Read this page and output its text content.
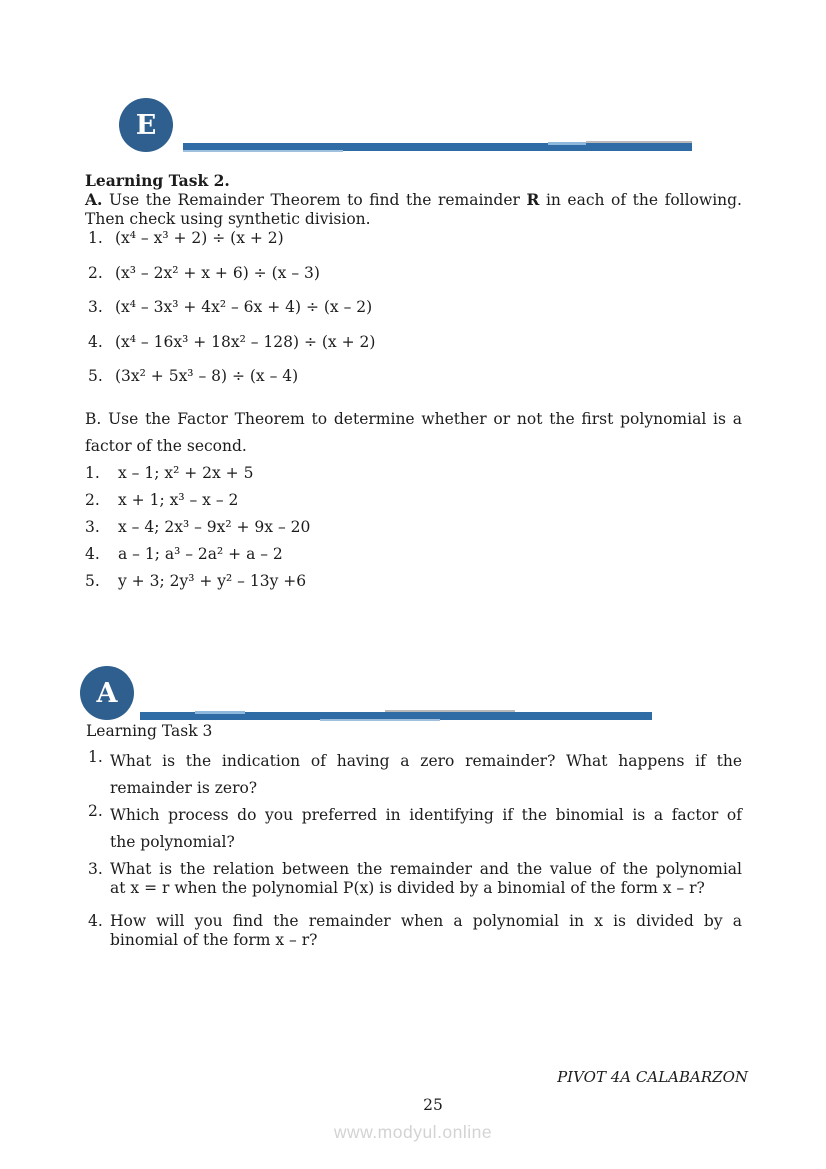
E
Learning Task 2.
A. Use the Remainder Theorem to find the remainder R in each of the following.
Then check using synthetic division.
1. (x⁴ – x³ + 2) ÷ (x + 2)
2. (x³ – 2x² + x + 6) ÷ (x – 3)
3. (x⁴ – 3x³ + 4x² – 6x + 4) ÷ (x – 2)
4. (x⁴ – 16x³ + 18x² – 128) ÷ (x + 2)
5. (3x² + 5x³ – 8) ÷ (x – 4)
B. Use the Factor Theorem to determine whether or not the first polynomial is a
factor of the second.
1.	x – 1; x² + 2x + 5
2.	x + 1; x³ – x – 2
3.	x – 4; 2x³ – 9x² + 9x – 20
4.	a – 1; a³ – 2a² + a – 2
5.	y + 3; 2y³ + y² – 13y +6
A
Learning Task 3
1. What is the indication of having a zero remainder? What happens if the
remainder is zero?
2. Which process do you preferred in identifying if the binomial is a factor of
the polynomial?
3. What is the relation between the remainder and the value of the polynomial
at x = r when the polynomial P(x) is divided by a binomial of the form x – r?
4. How will you find the remainder when a polynomial in x is divided by a
binomial of the form x – r?
PIVOT 4A CALABARZON
25
www.modyul.online
